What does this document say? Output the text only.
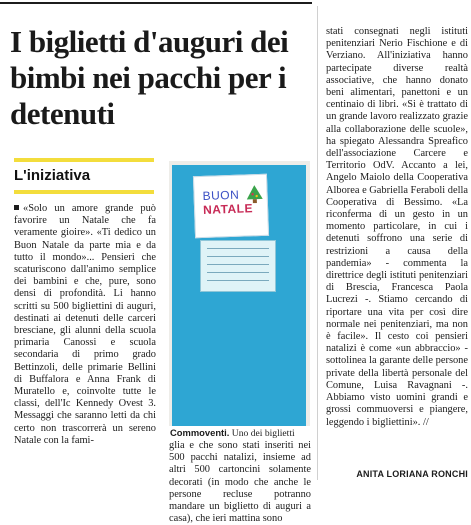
I biglietti d'auguri dei bimbi nei pacchi per i detenuti
L'iniziativa
«Solo un amore grande può favorire un Natale che fa veramente gioire». «Ti dedico un Buon Natale da parte mia e da tutto il mondo»... Pensieri che scaturiscono dall'animo semplice dei bambini e che, pure, sono densi di profondità. Li hanno scritti su 500 bigliettini di auguri, destinati ai detenuti delle carceri bresciane, gli alunni della scuola primaria Canossi e scuola secondaria di primo grado Bettinzoli, delle primarie Bellini di Buffalora e Anna Frank di Muratello e, coinvolte tutte le classi, dell'Ic Kennedy Ovest 3. Messaggi che saranno letti da chi certo non trascorrerà un sereno Natale con la fami-
BUON
NATALE
Commoventi. Uno dei biglietti
glia e che sono stati inseriti nei 500 pacchi natalizi, insieme ad altri 500 cartoncini solamente decorati (in modo che anche le persone recluse potranno mandare un biglietto di auguri a casa), che ieri mattina sono
stati consegnati negli istituti penitenziari Nerio Fischione e di Verziano. All'iniziativa hanno partecipate diverse realtà associative, che hanno donato beni alimentari, panettoni e un centinaio di libri. «Si è trattato di un grande lavoro realizzato grazie alla collaborazione delle scuole», ha spiegato Alessandra Spreafico dell'associazione Carcere e Territorio OdV. Accanto a lei, Angelo Maiolo della Cooperativa Alborea e Gabriella Feraboli della Cooperativa di Bessimo. «La riconferma di un gesto in un momento particolare, in cui i detenuti soffrono una serie di restrizioni a causa della pandemia» - commenta la direttrice degli istituti penitenziari di Brescia, Francesca Paola Lucrezi -. Stiamo cercando di riportare una vita per così dire normale nei penitenziari, ma non è facile». Il cesto coi pensieri natalizi è come «un abbraccio» - sottolinea la garante delle persone private della libertà personale del Comune, Luisa Ravagnani -. Abbiamo visto uomini grandi e grossi commuoversi e piangere, leggendo i bigliettini». //
ANITA LORIANA RONCHI
